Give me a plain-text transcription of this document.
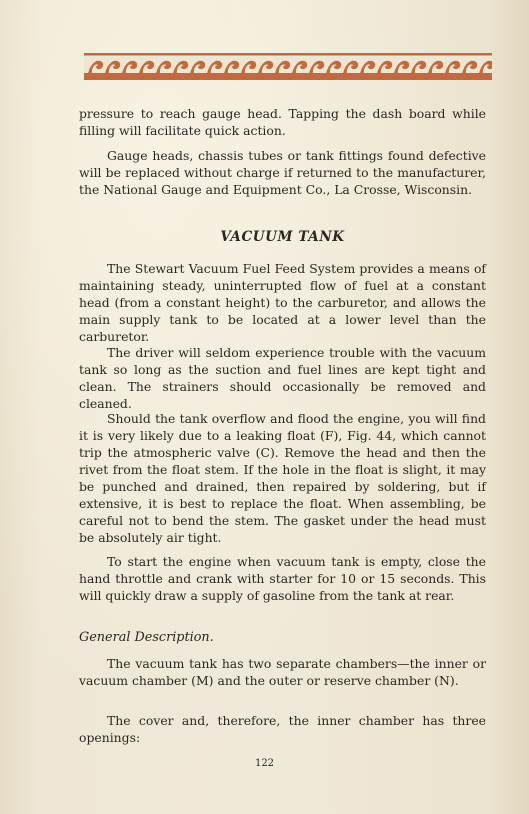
pressure to reach gauge head. Tapping the dash board while filling will facilitate quick action.

Gauge heads, chassis tubes or tank fittings found defective will be replaced without charge if returned to the manufacturer, the National Gauge and Equipment Co., La Crosse, Wisconsin.

VACUUM TANK

The Stewart Vacuum Fuel Feed System provides a means of maintaining steady, uninterrupted flow of fuel at a constant head (from a constant height) to the carburetor, and allows the main supply tank to be located at a lower level than the carburetor.

The driver will seldom experience trouble with the vacuum tank so long as the suction and fuel lines are kept tight and clean. The strainers should occasionally be removed and cleaned.

Should the tank overflow and flood the engine, you will find it is very likely due to a leaking float (F), Fig. 44, which cannot trip the atmospheric valve (C). Remove the head and then the rivet from the float stem. If the hole in the float is slight, it may be punched and drained, then repaired by soldering, but if extensive, it is best to replace the float. When assembling, be careful not to bend the stem. The gasket under the head must be absolutely air tight.

To start the engine when vacuum tank is empty, close the hand throttle and crank with starter for 10 or 15 seconds. This will quickly draw a supply of gasoline from the tank at rear.

General Description.

The vacuum tank has two separate chambers—the inner or vacuum chamber (M) and the outer or reserve chamber (N).

The cover and, therefore, the inner chamber has three openings:

122
